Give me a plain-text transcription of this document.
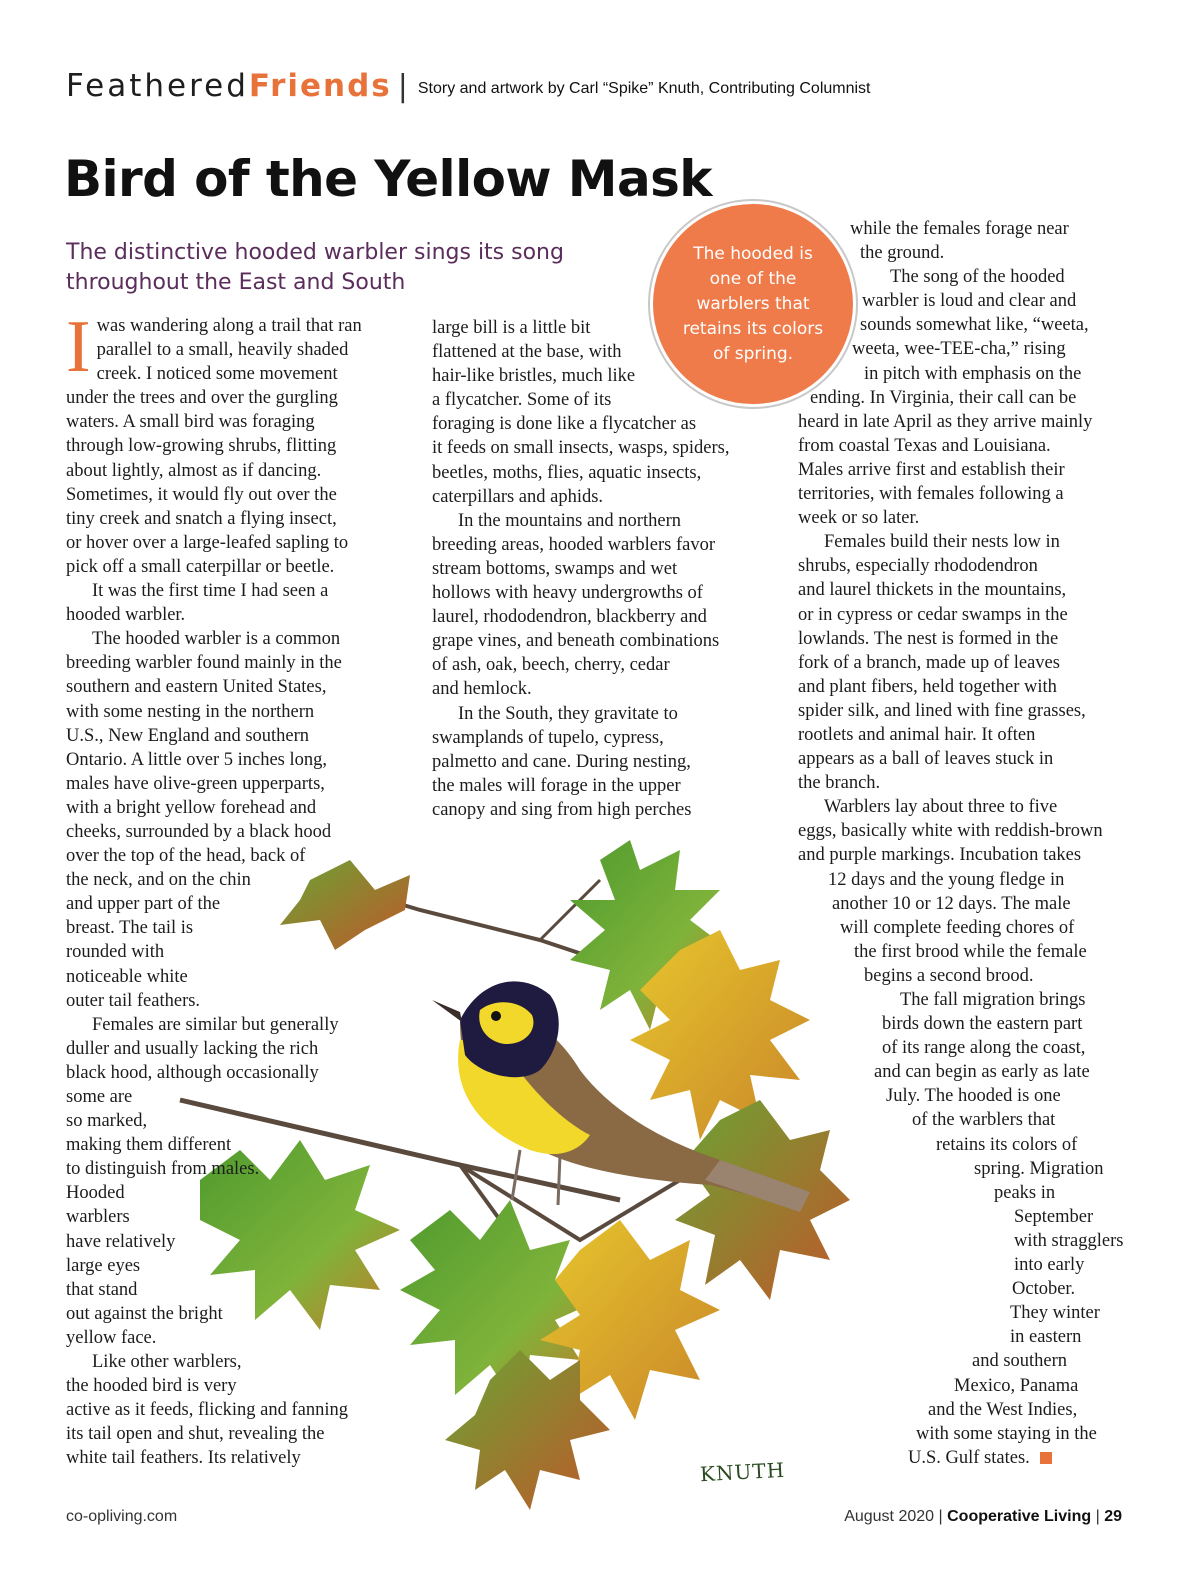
FeatheredFriends | Story and artwork by Carl “Spike” Knuth, Contributing Columnist
Bird of the Yellow Mask
The distinctive hooded warbler sings its song throughout the East and South
KNUTH
I was wandering along a trail that ran
parallel to a small, heavily shaded
creek. I noticed some movement
under the trees and over the gurgling
waters. A small bird was foraging
through low-growing shrubs, flitting
about lightly, almost as if dancing.
Sometimes, it would fly out over the
tiny creek and snatch a flying insect,
or hover over a large-leafed sapling to
pick off a small caterpillar or beetle.
It was the first time I had seen a
hooded warbler.
The hooded warbler is a common
breeding warbler found mainly in the
southern and eastern United States,
with some nesting in the northern
U.S., New England and southern
Ontario. A little over 5 inches long,
males have olive-green upperparts,
with a bright yellow forehead and
cheeks, surrounded by a black hood
over the top of the head, back of
the neck, and on the chin
and upper part of the
breast. The tail is
rounded with
noticeable white
outer tail feathers.
Females are similar but generally
duller and usually lacking the rich
black hood, although occasionally
some are
so marked,
making them different
to distinguish from males.
Hooded
warblers
have relatively
large eyes
that stand
out against the bright
yellow face.
Like other warblers,
the hooded bird is very
active as it feeds, flicking and fanning
its tail open and shut, revealing the
white tail feathers. Its relatively
large bill is a little bit
flattened at the base, with
hair-like bristles, much like
a flycatcher. Some of its
foraging is done like a flycatcher as
it feeds on small insects, wasps, spiders,
beetles, moths, flies, aquatic insects,
caterpillars and aphids.
In the mountains and northern
breeding areas, hooded warblers favor
stream bottoms, swamps and wet
hollows with heavy undergrowths of
laurel, rhododendron, blackberry and
grape vines, and beneath combinations
of ash, oak, beech, cherry, cedar
and hemlock.
In the South, they gravitate to
swamplands of tupelo, cypress,
palmetto and cane. During nesting,
the males will forage in the upper
canopy and sing from high perches
while the females forage near
the ground.
The song of the hooded
warbler is loud and clear and
sounds somewhat like, “weeta,
weeta, wee-TEE-cha,” rising
in pitch with emphasis on the
ending. In Virginia, their call can be
heard in late April as they arrive mainly
from coastal Texas and Louisiana.
Males arrive first and establish their
territories, with females following a
week or so later.
Females build their nests low in
shrubs, especially rhododendron
and laurel thickets in the mountains,
or in cypress or cedar swamps in the
lowlands. The nest is formed in the
fork of a branch, made up of leaves
and plant fibers, held together with
spider silk, and lined with fine grasses,
rootlets and animal hair. It often
appears as a ball of leaves stuck in
the branch.
Warblers lay about three to five
eggs, basically white with reddish-brown
and purple markings. Incubation takes
12 days and the young fledge in
another 10 or 12 days. The male
will complete feeding chores of
the first brood while the female
begins a second brood.
The fall migration brings
birds down the eastern part
of its range along the coast,
and can begin as early as late
July. The hooded is one
of the warblers that
retains its colors of
spring. Migration
peaks in
September
with stragglers
into early
October.
They winter
in eastern
and southern
Mexico, Panama
and the West Indies,
with some staying in the
U.S. Gulf states.
The hooded is one of the warblers that retains its colors of spring.
co-opliving.com	August 2020 | Cooperative Living | 29
